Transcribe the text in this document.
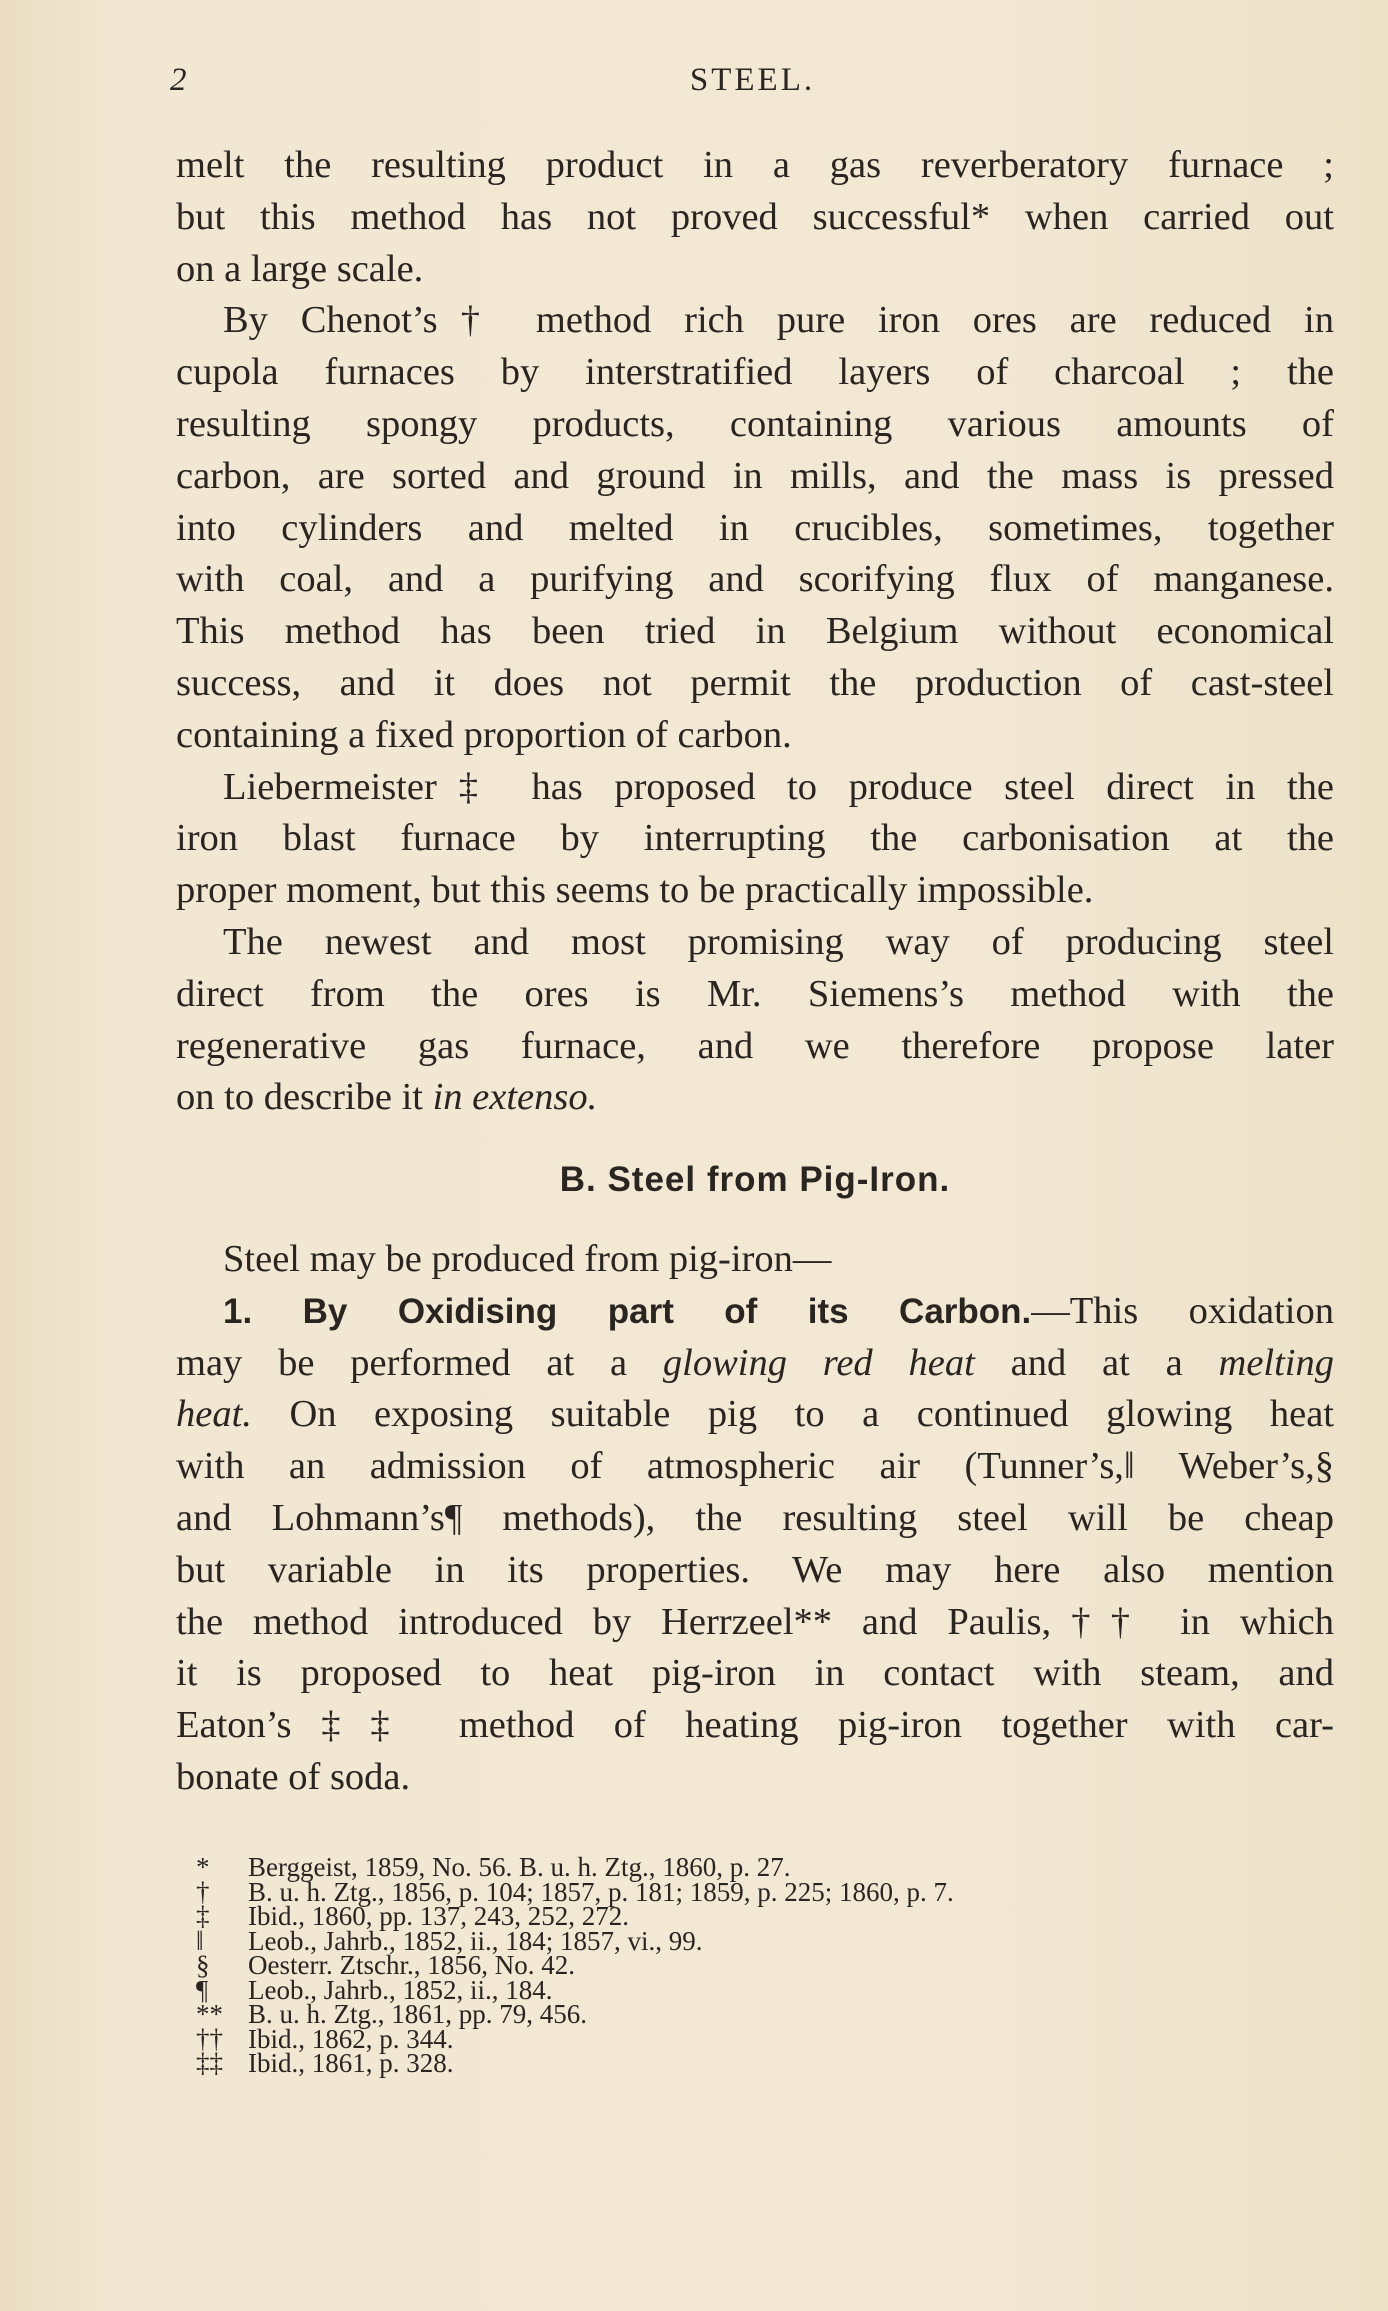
2	STEEL.
melt the resulting product in a gas reverberatory furnace ;
but this method has not proved successful* when carried out
on a large scale.
By Chenot’s† method rich pure iron ores are reduced in
cupola furnaces by interstratified layers of charcoal ; the
resulting spongy products, containing various amounts of
carbon, are sorted and ground in mills, and the mass is pressed
into cylinders and melted in crucibles, sometimes, together
with coal, and a purifying and scorifying flux of manganese.
This method has been tried in Belgium without economical
success, and it does not permit the production of cast-steel
containing a fixed proportion of carbon.
Liebermeister‡ has proposed to produce steel direct in the
iron blast furnace by interrupting the carbonisation at the
proper moment, but this seems to be practically impossible.
The newest and most promising way of producing steel
direct from the ores is Mr. Siemens’s method with the
regenerative gas furnace, and we therefore propose later
on to describe it in extenso.
B. Steel from Pig-Iron.
Steel may be produced from pig-iron—
1. By Oxidising part of its Carbon.—This oxidation
may be performed at a glowing red heat and at a melting
heat. On exposing suitable pig to a continued glowing heat
with an admission of atmospheric air (Tunner’s,‖ Weber’s,§
and Lohmann’s¶ methods), the resulting steel will be cheap
but variable in its properties. We may here also mention
the method introduced by Herrzeel** and Paulis,†† in which
it is proposed to heat pig-iron in contact with steam, and
Eaton’s‡‡ method of heating pig-iron together with car-
bonate of soda.
* Berggeist, 1859, No. 56. B. u. h. Ztg., 1860, p. 27.
† B. u. h. Ztg., 1856, p. 104; 1857, p. 181; 1859, p. 225; 1860, p. 7.
‡ Ibid., 1860, pp. 137, 243, 252, 272.
‖ Leob., Jahrb., 1852, ii., 184; 1857, vi., 99.
§ Oesterr. Ztschr., 1856, No. 42.
¶ Leob., Jahrb., 1852, ii., 184.
** B. u. h. Ztg., 1861, pp. 79, 456.
†† Ibid., 1862, p. 344.
‡‡ Ibid., 1861, p. 328.
